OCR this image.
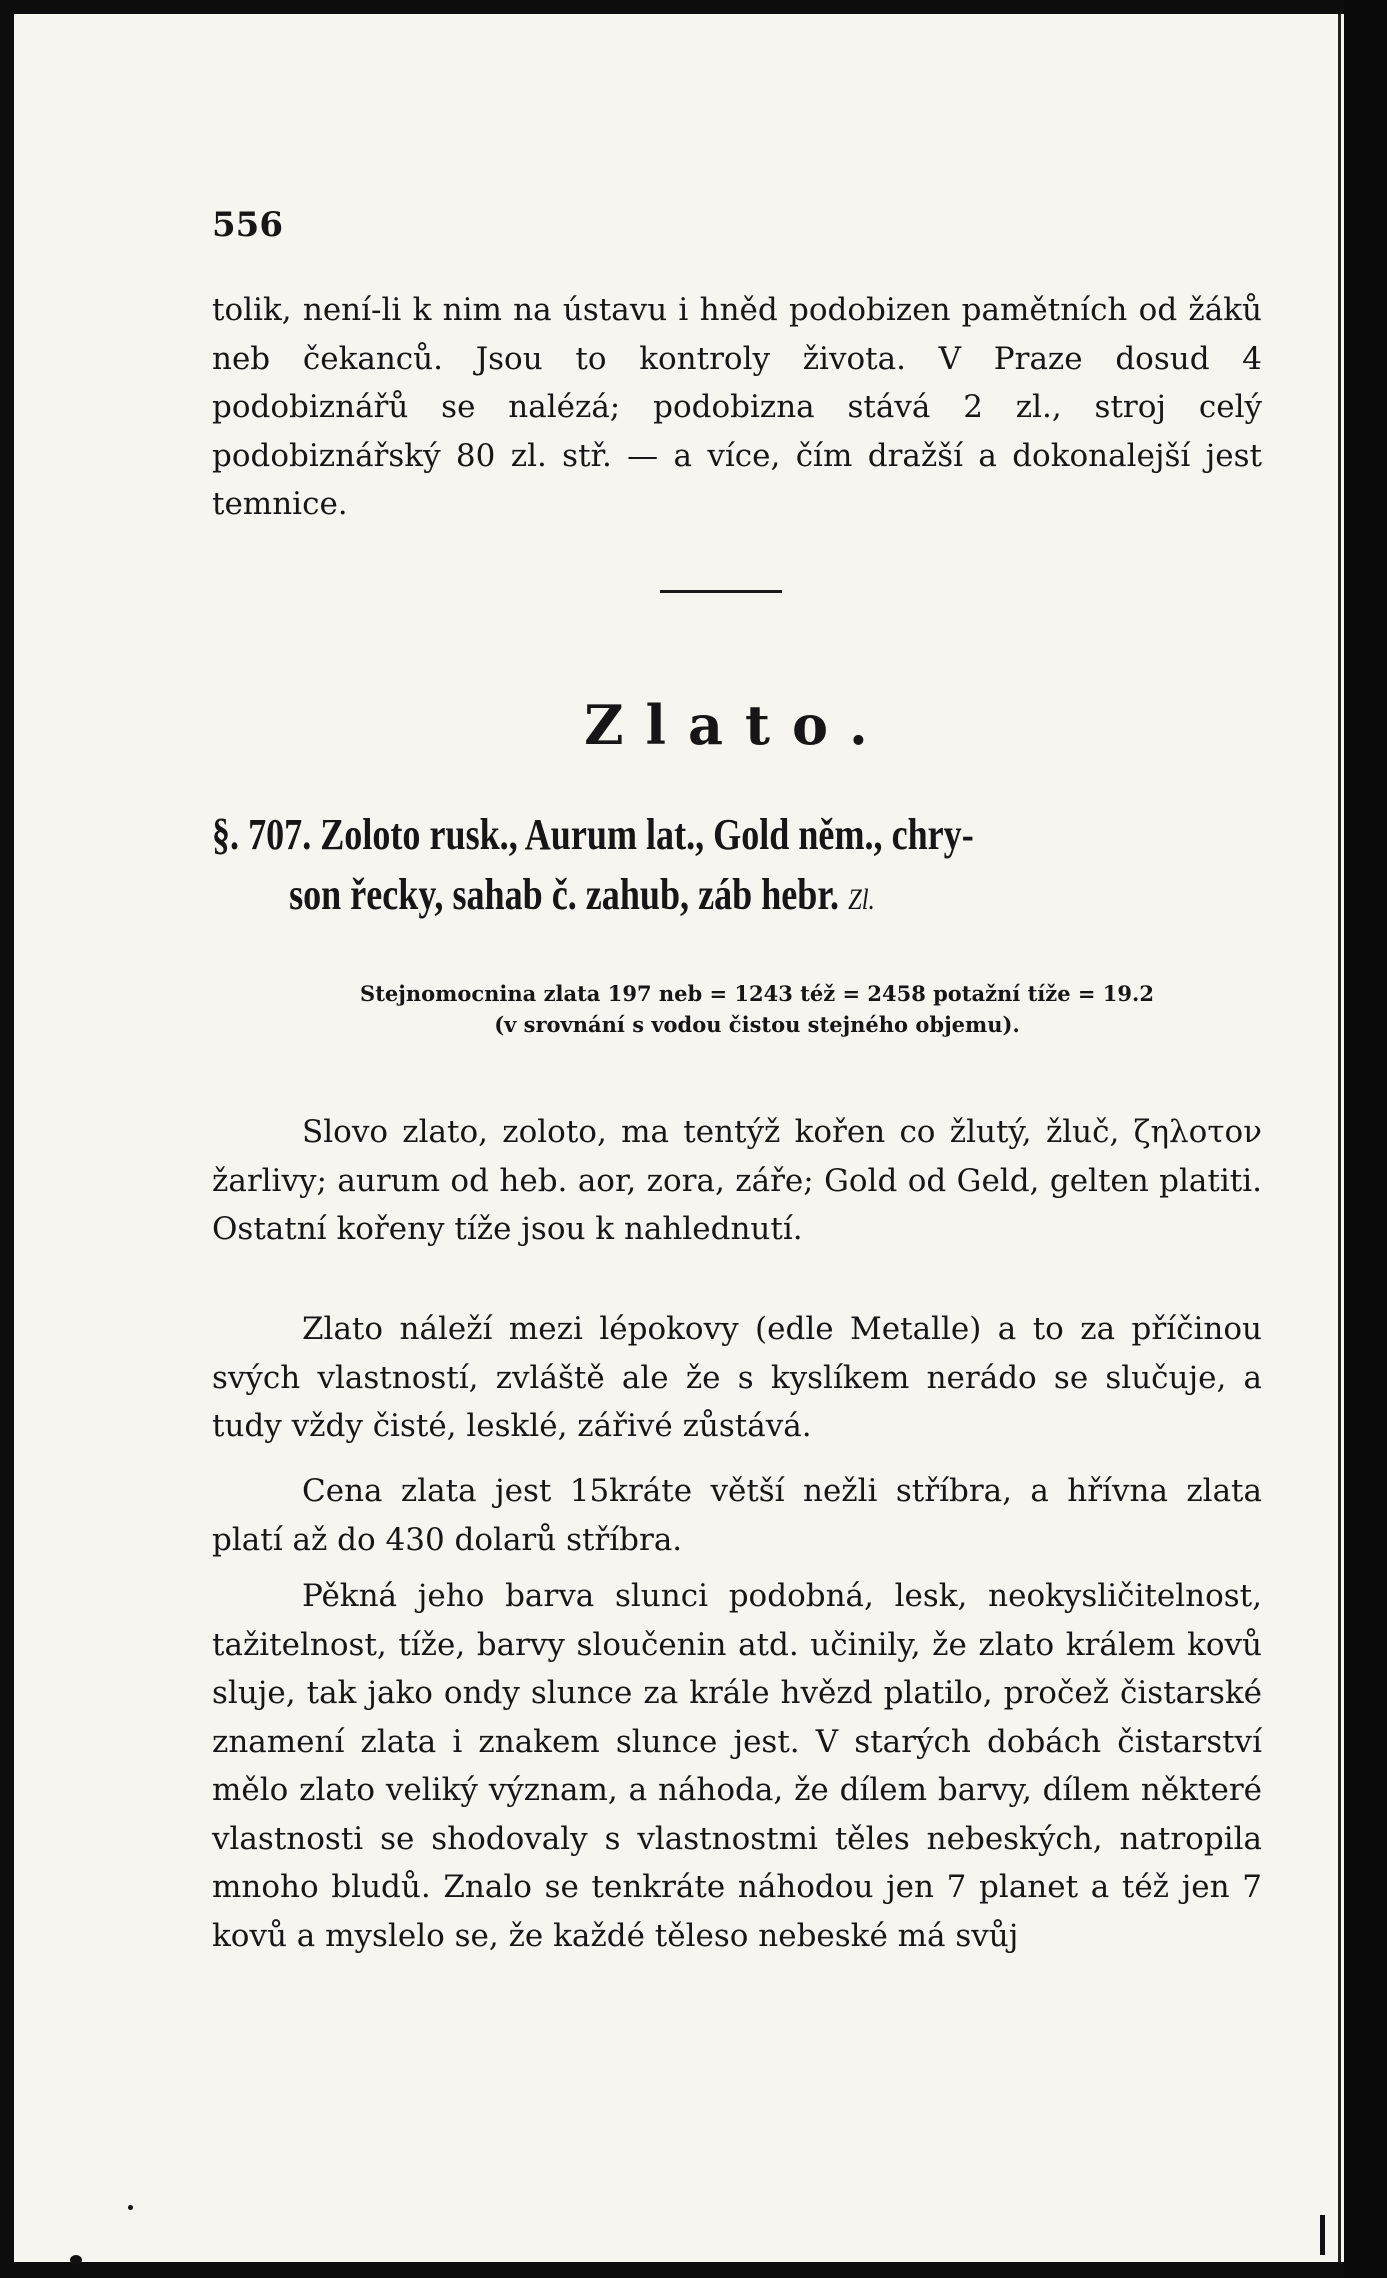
556
tolik, není-li k nim na ústavu i hněd podobizen pamětních od žáků neb čekanců. Jsou to kontroly života. V Praze dosud 4 podobiznářů se nalézá; podobizna stává 2 zl., stroj celý podobiznářský 80 zl. stř. — a více, čím dražší a dokonalejší jest temnice.
Zlato.
§. 707. Zoloto rusk., Aurum lat., Gold něm., chry-
son řecky, sahab č. zahub, záb hebr. Zl.
Stejnomocnina zlata 197 neb = 1243 též = 2458 potažní tíže = 19.2
(v srovnání s vodou čistou stejného objemu).
Slovo zlato, zoloto, ma tentýž kořen co žlutý, žluč, ζηλοτον žarlivy; aurum od heb. aor, zora, záře; Gold od Geld, gelten platiti. Ostatní kořeny tíže jsou k nahlednutí.
Zlato náleží mezi lépokovy (edle Metalle) a to za příčinou svých vlastností, zvláště ale že s kyslíkem nerádo se slučuje, a tudy vždy čisté, lesklé, zářivé zůstává.
Cena zlata jest 15kráte větší nežli stříbra, a hřívna zlata platí až do 430 dolarů stříbra.
Pěkná jeho barva slunci podobná, lesk, neokysličitelnost, tažitelnost, tíže, barvy sloučenin atd. učinily, že zlato králem kovů sluje, tak jako ondy slunce za krále hvězd platilo, pročež čistarské znamení zlata i znakem slunce jest. V starých dobách čistarství mělo zlato veliký význam, a náhoda, že dílem barvy, dílem některé vlastnosti se shodovaly s vlastnostmi těles nebeských, natropila mnoho bludů. Znalo se tenkráte náhodou jen 7 planet a též jen 7 kovů a myslelo se, že každé těleso nebeské má svůj
